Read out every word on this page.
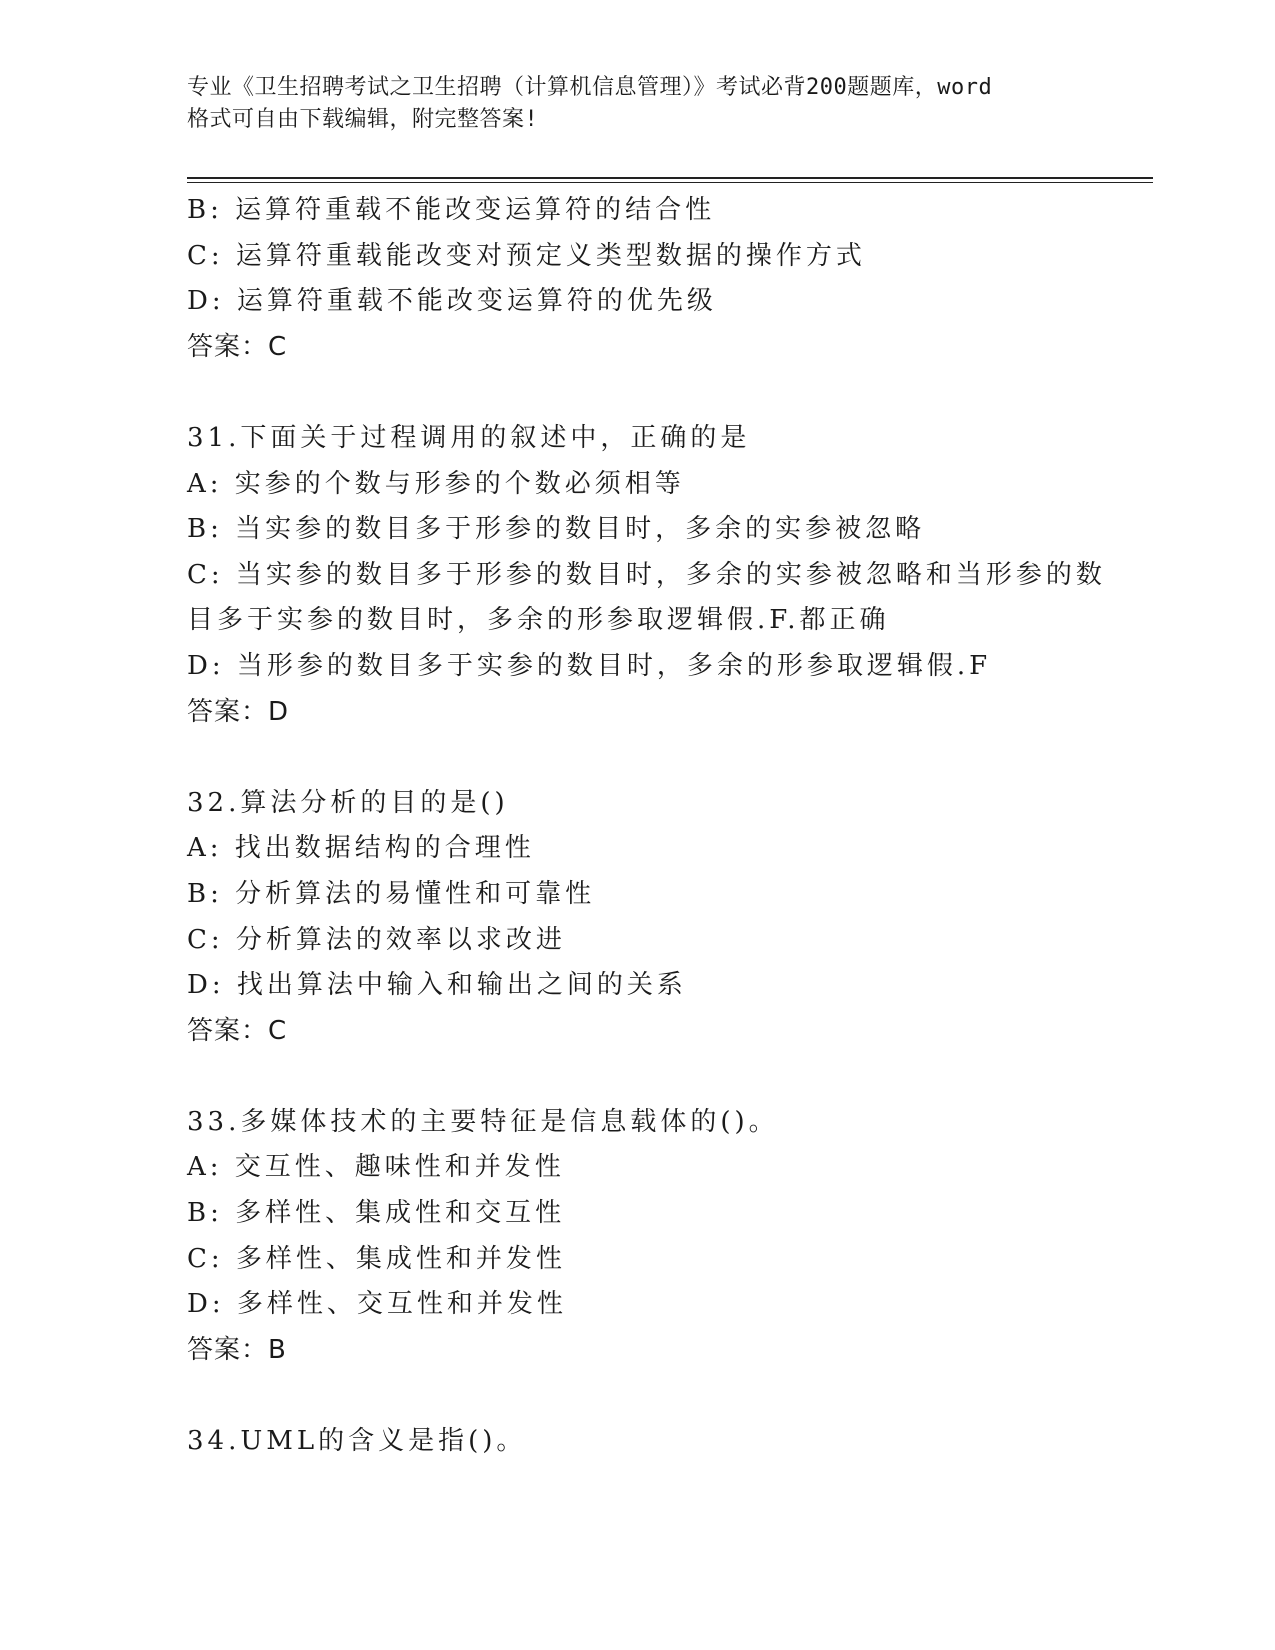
专业《卫生招聘考试之卫生招聘（计算机信息管理）》考试必背200题题库，word
格式可自由下载编辑，附完整答案!
B: 运算符重载不能改变运算符的结合性
C: 运算符重载能改变对预定义类型数据的操作方式
D: 运算符重载不能改变运算符的优先级
答案：C
31.下面关于过程调用的叙述中，正确的是
A: 实参的个数与形参的个数必须相等
B: 当实参的数目多于形参的数目时，多余的实参被忽略
C: 当实参的数目多于形参的数目时，多余的实参被忽略和当形参的数
目多于实参的数目时，多余的形参取逻辑假.F.都正确
D: 当形参的数目多于实参的数目时，多余的形参取逻辑假.F
答案：D
32.算法分析的目的是()
A: 找出数据结构的合理性
B: 分析算法的易懂性和可靠性
C: 分析算法的效率以求改进
D: 找出算法中输入和输出之间的关系
答案：C
33.多媒体技术的主要特征是信息载体的()。
A: 交互性、趣味性和并发性
B: 多样性、集成性和交互性
C: 多样性、集成性和并发性
D: 多样性、交互性和并发性
答案：B
34.UML的含义是指()。
